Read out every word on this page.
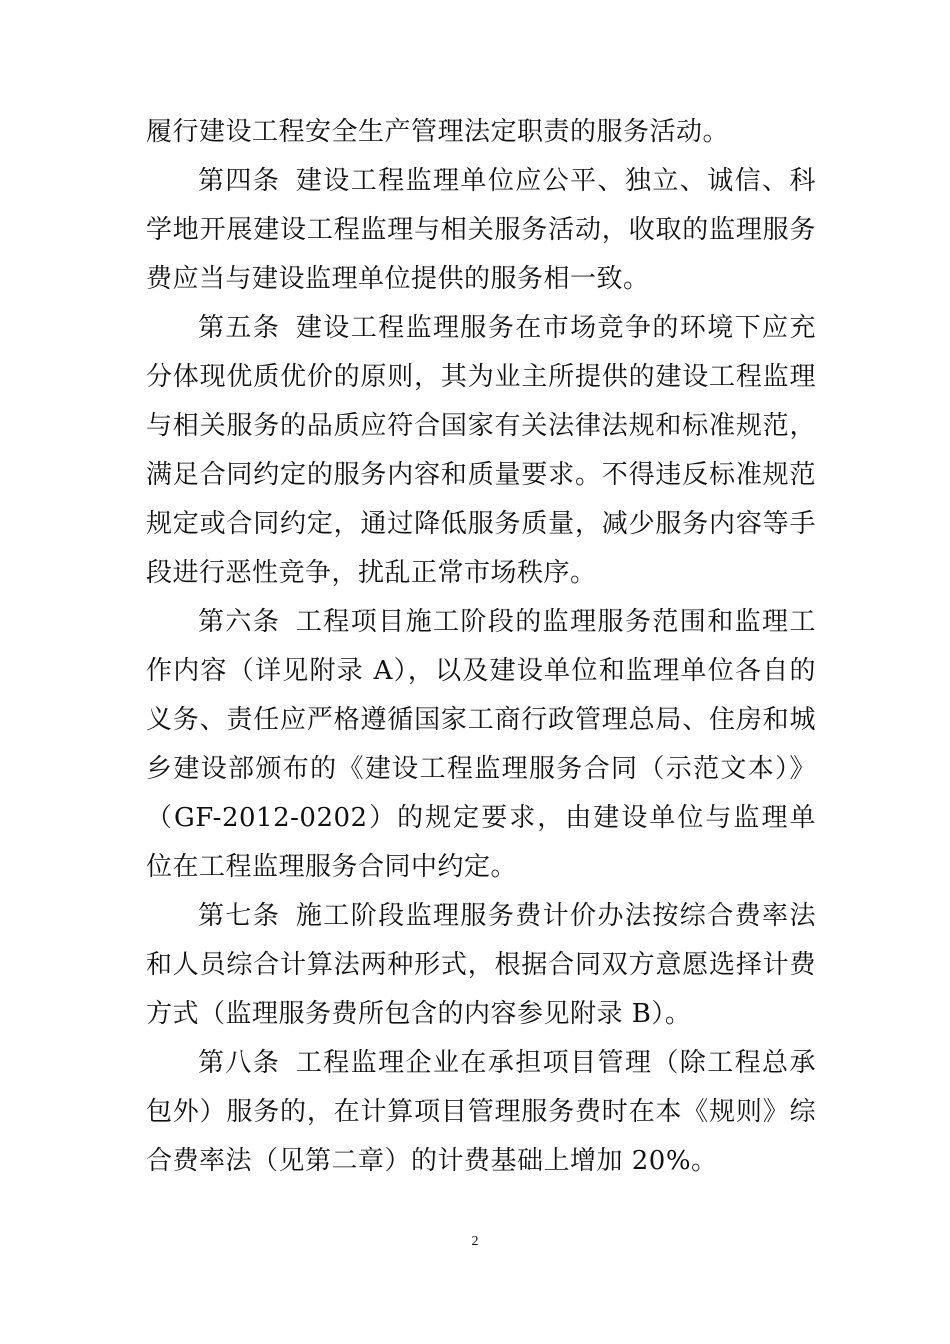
履行建设工程安全生产管理法定职责的服务活动。

第四条 建设工程监理单位应公平、独立、诚信、科学地开展建设工程监理与相关服务活动，收取的监理服务费应当与建设监理单位提供的服务相一致。

第五条 建设工程监理服务在市场竞争的环境下应充分体现优质优价的原则，其为业主所提供的建设工程监理与相关服务的品质应符合国家有关法律法规和标准规范，满足合同约定的服务内容和质量要求。不得违反标准规范规定或合同约定，通过降低服务质量，减少服务内容等手段进行恶性竞争，扰乱正常市场秩序。

第六条 工程项目施工阶段的监理服务范围和监理工作内容（详见附录 A），以及建设单位和监理单位各自的义务、责任应严格遵循国家工商行政管理总局、住房和城乡建设部颁布的《建设工程监理服务合同（示范文本）》（GF-2012-0202）的规定要求，由建设单位与监理单位在工程监理服务合同中约定。

第七条 施工阶段监理服务费计价办法按综合费率法和人员综合计算法两种形式，根据合同双方意愿选择计费方式（监理服务费所包含的内容参见附录 B）。

第八条 工程监理企业在承担项目管理（除工程总承包外）服务的，在计算项目管理服务费时在本《规则》综合费率法（见第二章）的计费基础上增加 20%。

2
